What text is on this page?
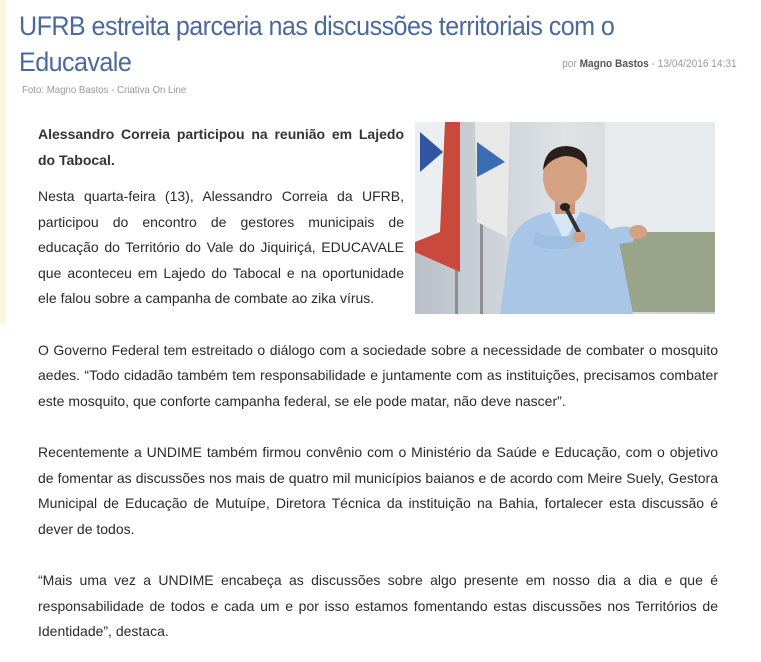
UFRB estreita parceria nas discussões territoriais com o Educavale	por Magno Bastos - 13/04/2016 14:31
Foto: Magno Bastos - Criativa On Line

Alessandro Correia participou na reunião em Lajedo do Tabocal.

Nesta quarta-feira (13), Alessandro Correia da UFRB, participou do encontro de gestores municipais de educação do Território do Vale do Jiquiriçá, EDUCAVALE que aconteceu em Lajedo do Tabocal e na oportunidade ele falou sobre a campanha de combate ao zika vírus.

O Governo Federal tem estreitado o diálogo com a sociedade sobre a necessidade de combater o mosquito aedes. “Todo cidadão também tem responsabilidade e juntamente com as instituições, precisamos combater este mosquito, que conforte campanha federal, se ele pode matar, não deve nascer”.

Recentemente a UNDIME também firmou convênio com o Ministério da Saúde e Educação, com o objetivo de fomentar as discussões nos mais de quatro mil municípios baianos e de acordo com Meire Suely, Gestora Municipal de Educação de Mutuípe, Diretora Técnica da instituição na Bahia, fortalecer esta discussão é dever de todos.

“Mais uma vez a UNDIME encabeça as discussões sobre algo presente em nosso dia a dia e que é responsabilidade de todos e cada um e por isso estamos fomentando estas discussões nos Territórios de Identidade”, destaca.
